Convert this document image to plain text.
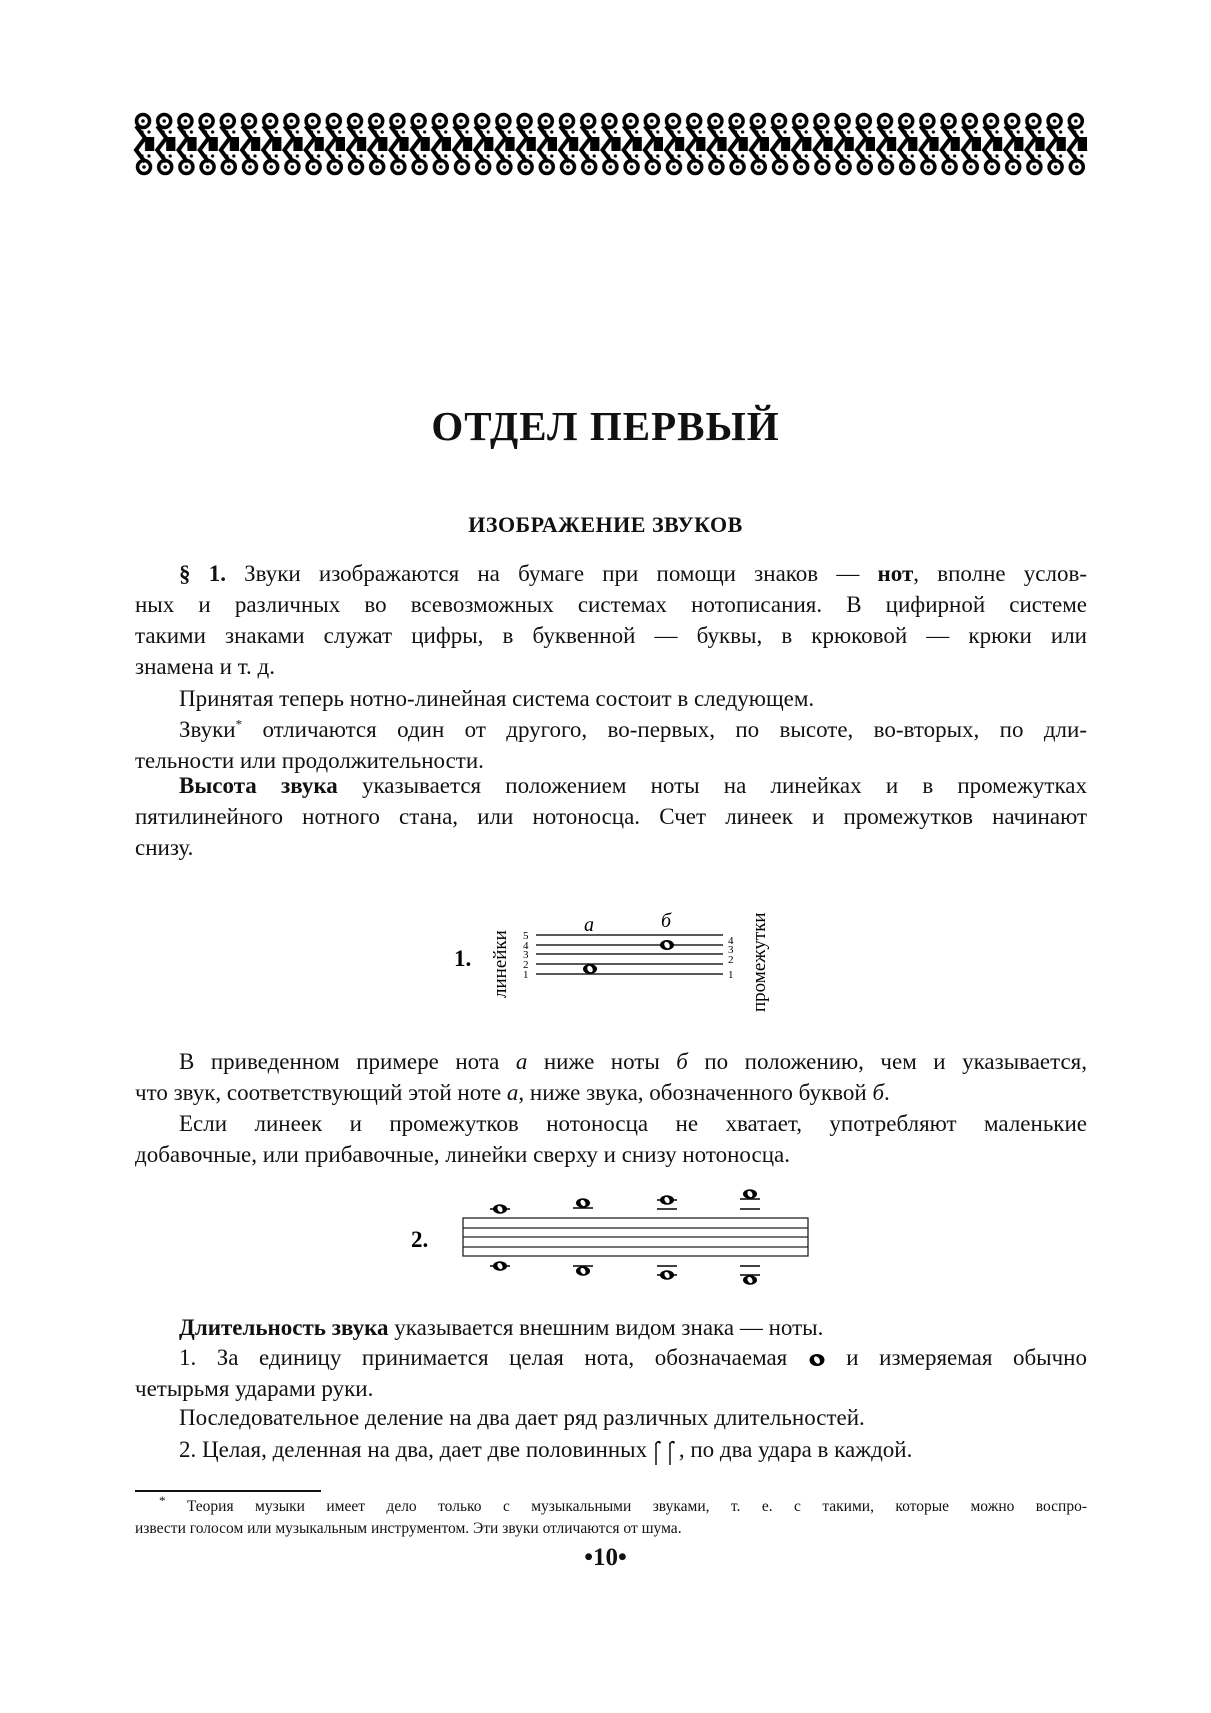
ОТДЕЛ ПЕРВЫЙ
ИЗОБРАЖЕНИЕ ЗВУКОВ
§ 1. Звуки изображаются на бумаге при помощи знаков — нот, вполне услов-
ных и различных во всевозможных системах нотописания. В цифирной системе
такими знаками служат цифры, в буквенной — буквы, в крюковой — крюки или
знамена и т. д.
Принятая теперь нотно-линейная система состоит в следующем.
Звуки* отличаются один от другого, во-первых, по высоте, во-вторых, по дли-
тельности или продолжительности.
Высота звука указывается положением ноты на линейках и в промежутках
пятилинейного нотного стана, или нотоносца. Счет линеек и промежутков начинают
снизу.
1. линейки	промежутки
5
4
3
2
1
4
3
2
1
а	б
В приведенном примере нота а ниже ноты б по положению, чем и указывается,
что звук, соответствующий этой ноте а, ниже звука, обозначенного буквой б.
Если линеек и промежутков нотоносца не хватает, употребляют маленькие
добавочные, или прибавочные, линейки сверху и снизу нотоносца.
2.
Длительность звука указывается внешним видом знака — ноты.
1. За единицу принимается целая нота, обозначаемая  и измеряемая обычно
четырьмя ударами руки.
Последовательное деление на два дает ряд различных длительностей.
2. Целая, деленная на два, дает две половинных , по два удара в каждой.
* Теория музыки имеет дело только с музыкальными звуками, т. е. с такими, которые можно воспро-
извести голосом или музыкальным инструментом. Эти звуки отличаются от шума.
•10•
